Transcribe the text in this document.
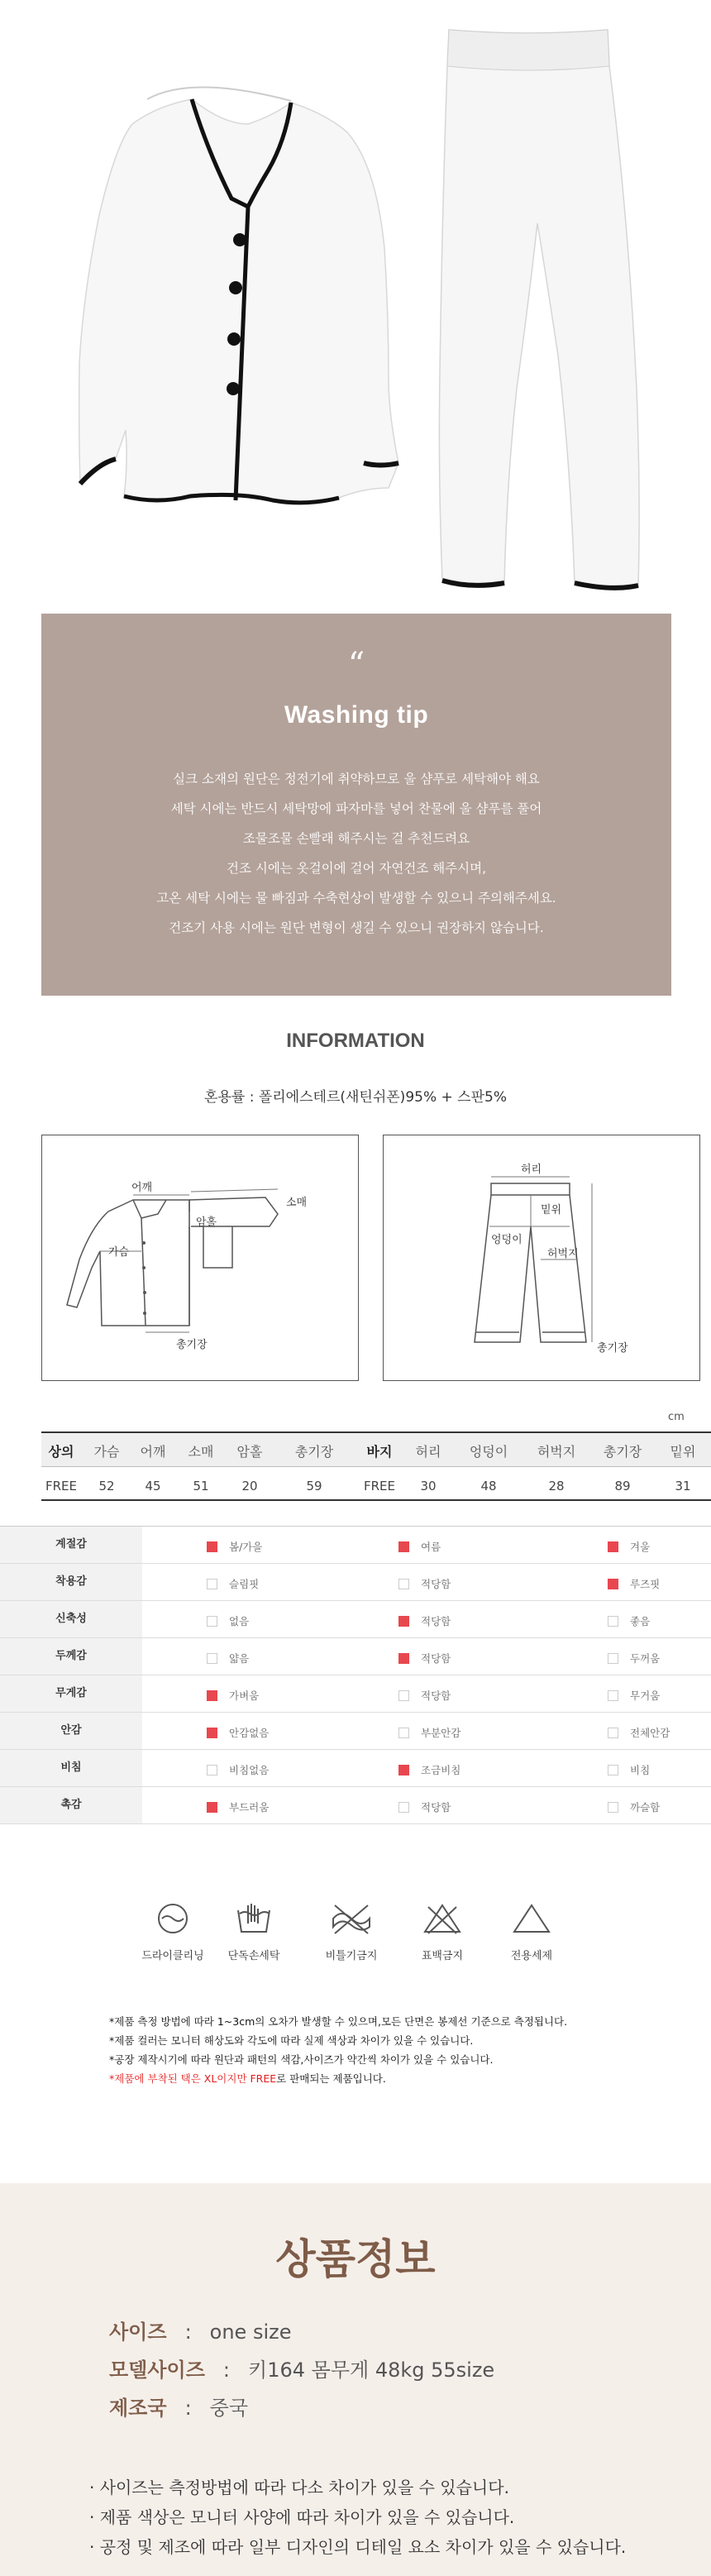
“
Washing tip
실크 소재의 원단은 정전기에 취약하므로 울 샴푸로 세탁해야 해요
세탁 시에는 반드시 세탁망에 파자마를 넣어 찬물에 울 샴푸를 풀어
조물조물 손빨래 해주시는 걸 추천드려요
건조 시에는 옷걸이에 걸어 자연건조 해주시며,
고온 세탁 시에는 물 빠짐과 수축현상이 발생할 수 있으니 주의해주세요.
건조기 사용 시에는 원단 변형이 생길 수 있으니 권장하지 않습니다.
INFORMATION
혼용률 : 폴리에스테르(새틴쉬폰)95% + 스판5%
어깨
가슴
암홀
소매
총기장
허리
밑위
엉덩이
허벅지
총기장
cm
상의	가슴	어깨	소매	암홀	총기장	바지	허리	엉덩이	허벅지	총기장	밑위
FREE	52	45	51	20	59	FREE	30	48	28	89	31
계절감	봄/가을	여름	겨울
착용감	슬림핏	적당함	루즈핏
신축성	없음	적당함	좋음
두께감	얇음	적당함	두꺼움
무게감	가벼움	적당함	무거움
안감	안감없음	부분안감	전체안감
비침	비침없음	조금비침	비침
촉감	부드러움	적당함	까슬함
드라이클리닝	단독손세탁	비틀기금지	표백금지	전용세제
*제품 측정 방법에 따라 1~3cm의 오차가 발생할 수 있으며,모든 단면은 봉제선 기준으로 측정됩니다.
*제품 컬러는 모니터 해상도와 각도에 따라 실제 색상과 차이가 있을 수 있습니다.
*공장 제작시기에 따라 원단과 패턴의 색감,사이즈가 약간씩 차이가 있을 수 있습니다.
*제품에 부착된 택은 XL이지만 FREE로 판매되는 제품입니다.
상품정보
사이즈 : one size
모델사이즈 : 키164 몸무게 48kg 55size
제조국 : 중국
· 사이즈는 측정방법에 따라 다소 차이가 있을 수 있습니다.
· 제품 색상은 모니터 사양에 따라 차이가 있을 수 있습니다.
· 공정 및 제조에 따라 일부 디자인의 디테일 요소 차이가 있을 수 있습니다.
